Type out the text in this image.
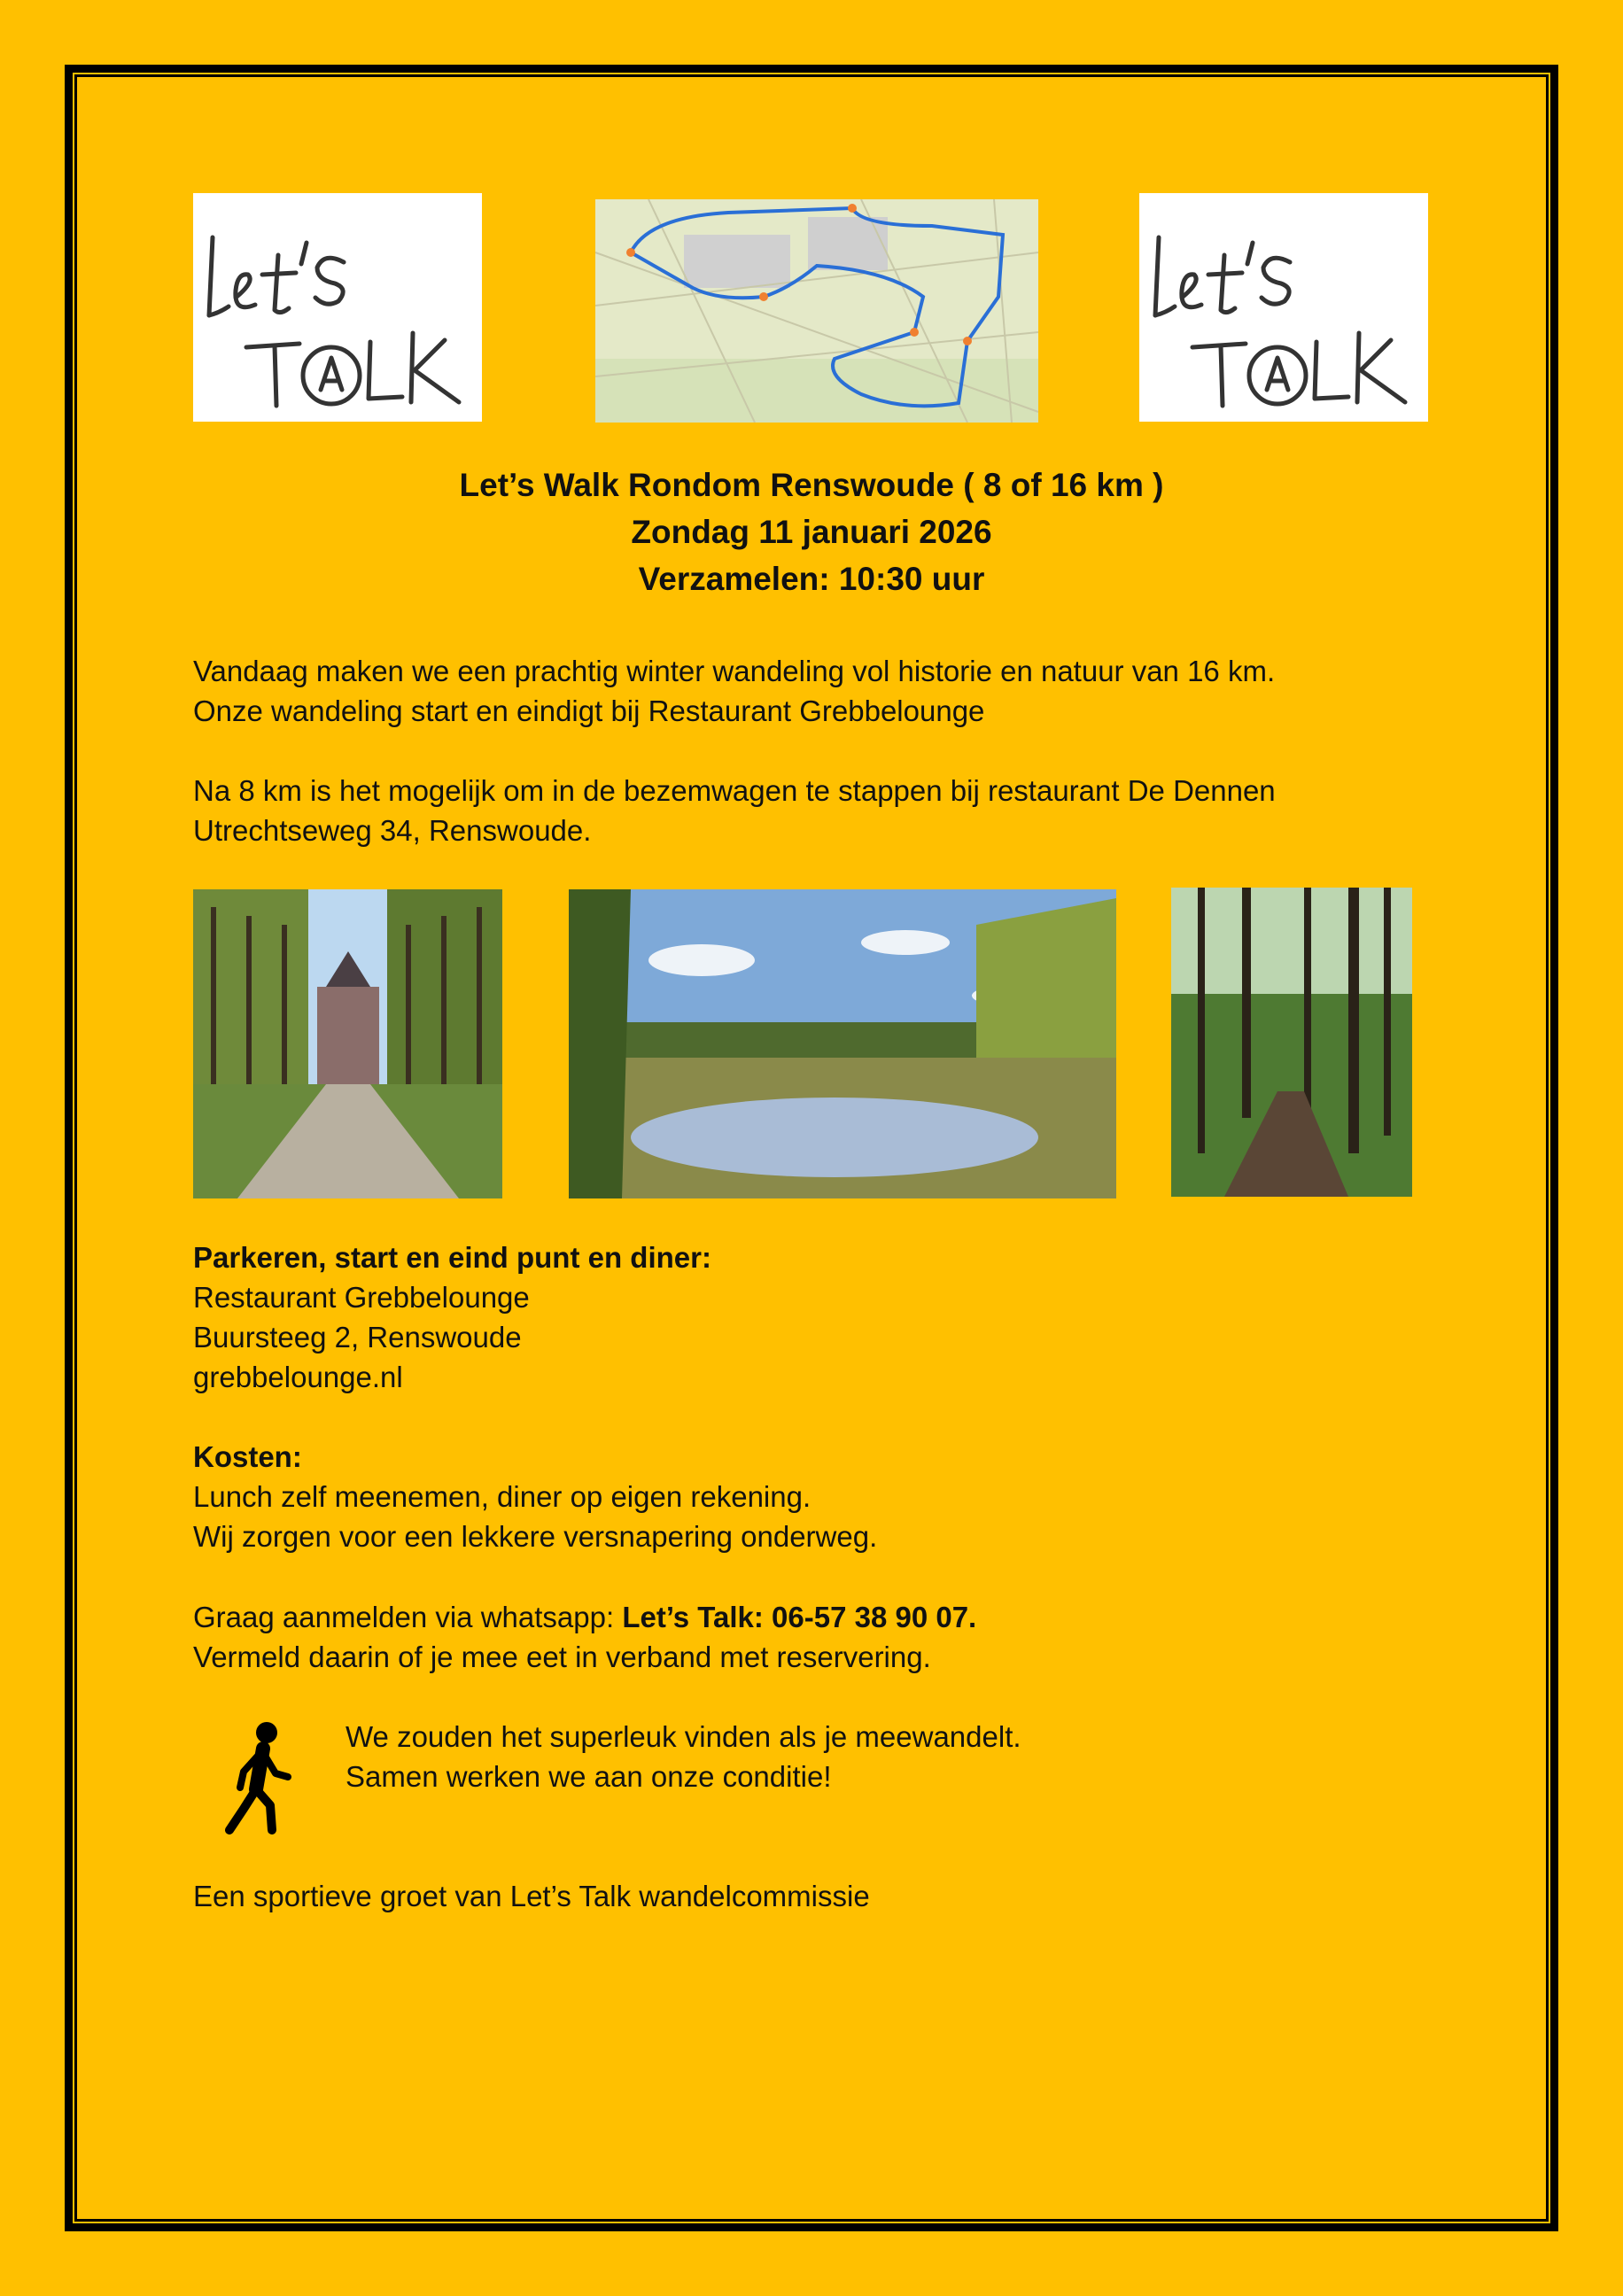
Let’s Walk Rondom Renswoude ( 8 of 16 km )
Zondag 11 januari 2026
Verzamelen: 10:30 uur
Vandaag maken we een prachtig winter wandeling vol historie en natuur van 16 km.
Onze wandeling start en eindigt bij Restaurant Grebbelounge
Na 8 km is het mogelijk om in de bezemwagen te stappen bij restaurant De Dennen
Utrechtseweg 34, Renswoude.
Parkeren, start en eind punt en diner:
Restaurant Grebbelounge
Buursteeg 2, Renswoude
grebbelounge.nl
Kosten:
Lunch zelf meenemen, diner op eigen rekening.
Wij zorgen voor een lekkere versnapering onderweg.
Graag aanmelden via whatsapp: Let’s Talk: 06-57 38 90 07.
Vermeld daarin of je mee eet in verband met reservering.
We zouden het superleuk vinden als je meewandelt.
Samen werken we aan onze conditie!
Een sportieve groet van Let’s Talk wandelcommissie
